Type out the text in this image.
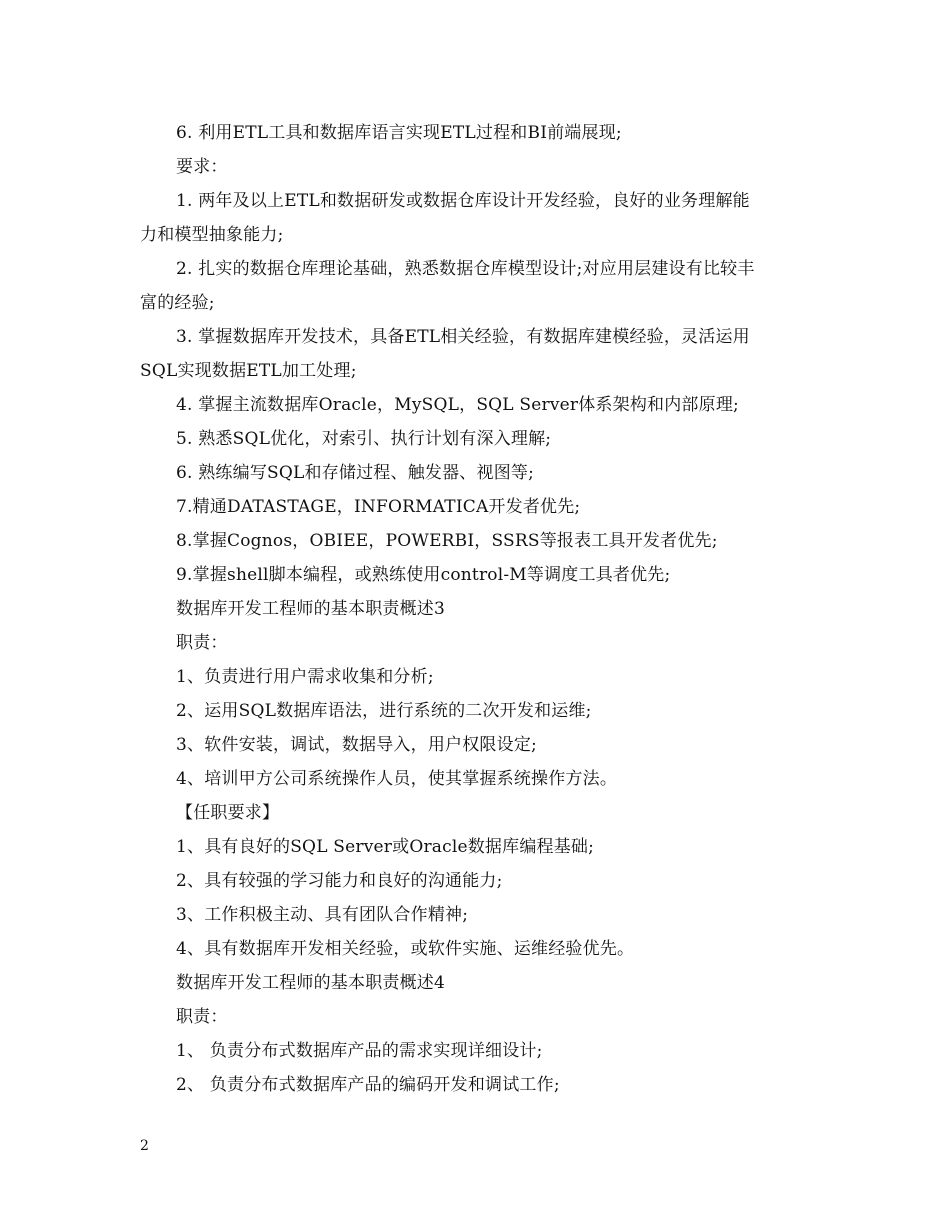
6. 利用ETL工具和数据库语言实现ETL过程和BI前端展现;
要求：
1. 两年及以上ETL和数据研发或数据仓库设计开发经验，良好的业务理解能
力和模型抽象能力;
2. 扎实的数据仓库理论基础，熟悉数据仓库模型设计;对应用层建设有比较丰
富的经验;
3. 掌握数据库开发技术，具备ETL相关经验，有数据库建模经验，灵活运用
SQL实现数据ETL加工处理;
4. 掌握主流数据库Oracle，MySQL，SQL Server体系架构和内部原理;
5. 熟悉SQL优化，对索引、执行计划有深入理解;
6. 熟练编写SQL和存储过程、触发器、视图等;
7.精通DATASTAGE，INFORMATICA开发者优先;
8.掌握Cognos，OBIEE，POWERBI，SSRS等报表工具开发者优先;
9.掌握shell脚本编程，或熟练使用control-M等调度工具者优先;
数据库开发工程师的基本职责概述3
职责：
1、负责进行用户需求收集和分析;
2、运用SQL数据库语法，进行系统的二次开发和运维;
3、软件安装，调试，数据导入，用户权限设定;
4、培训甲方公司系统操作人员，使其掌握系统操作方法。
【任职要求】
1、具有良好的SQL Server或Oracle数据库编程基础;
2、具有较强的学习能力和良好的沟通能力;
3、工作积极主动、具有团队合作精神;
4、具有数据库开发相关经验，或软件实施、运维经验优先。
数据库开发工程师的基本职责概述4
职责：
1、 负责分布式数据库产品的需求实现详细设计;
2、 负责分布式数据库产品的编码开发和调试工作;
2
